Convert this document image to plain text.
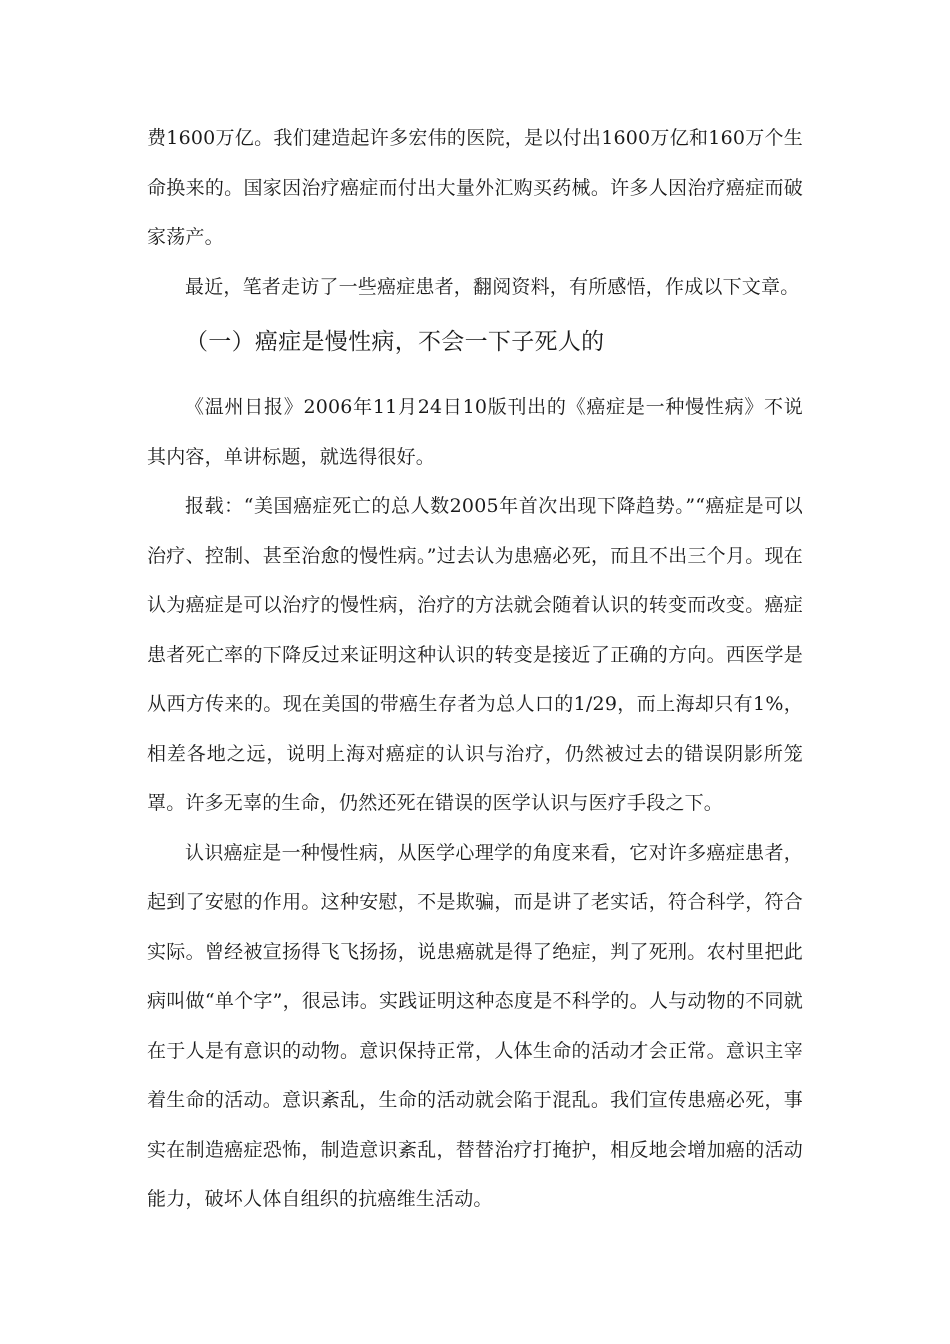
费1600万亿。我们建造起许多宏伟的医院，是以付出1600万亿和160万个生命换来的。国家因治疗癌症而付出大量外汇购买药械。许多人因治疗癌症而破家荡产。

最近，笔者走访了一些癌症患者，翻阅资料，有所感悟，作成以下文章。

（一）癌症是慢性病，不会一下子死人的

《温州日报》2006年11月24日10版刊出的《癌症是一种慢性病》不说其内容，单讲标题，就选得很好。

报载：“美国癌症死亡的总人数2005年首次出现下降趋势。”“癌症是可以治疗、控制、甚至治愈的慢性病。”过去认为患癌必死，而且不出三个月。现在认为癌症是可以治疗的慢性病，治疗的方法就会随着认识的转变而改变。癌症患者死亡率的下降反过来证明这种认识的转变是接近了正确的方向。西医学是从西方传来的。现在美国的带癌生存者为总人口的1/29，而上海却只有1%，相差各地之远，说明上海对癌症的认识与治疗，仍然被过去的错误阴影所笼罩。许多无辜的生命，仍然还死在错误的医学认识与医疗手段之下。

认识癌症是一种慢性病，从医学心理学的角度来看，它对许多癌症患者，起到了安慰的作用。这种安慰，不是欺骗，而是讲了老实话，符合科学，符合实际。曾经被宣扬得飞飞扬扬，说患癌就是得了绝症，判了死刑。农村里把此病叫做“单个字”，很忌讳。实践证明这种态度是不科学的。人与动物的不同就在于人是有意识的动物。意识保持正常，人体生命的活动才会正常。意识主宰着生命的活动。意识紊乱，生命的活动就会陷于混乱。我们宣传患癌必死，事实在制造癌症恐怖，制造意识紊乱，替替治疗打掩护，相反地会增加癌的活动能力，破坏人体自组织的抗癌维生活动。
